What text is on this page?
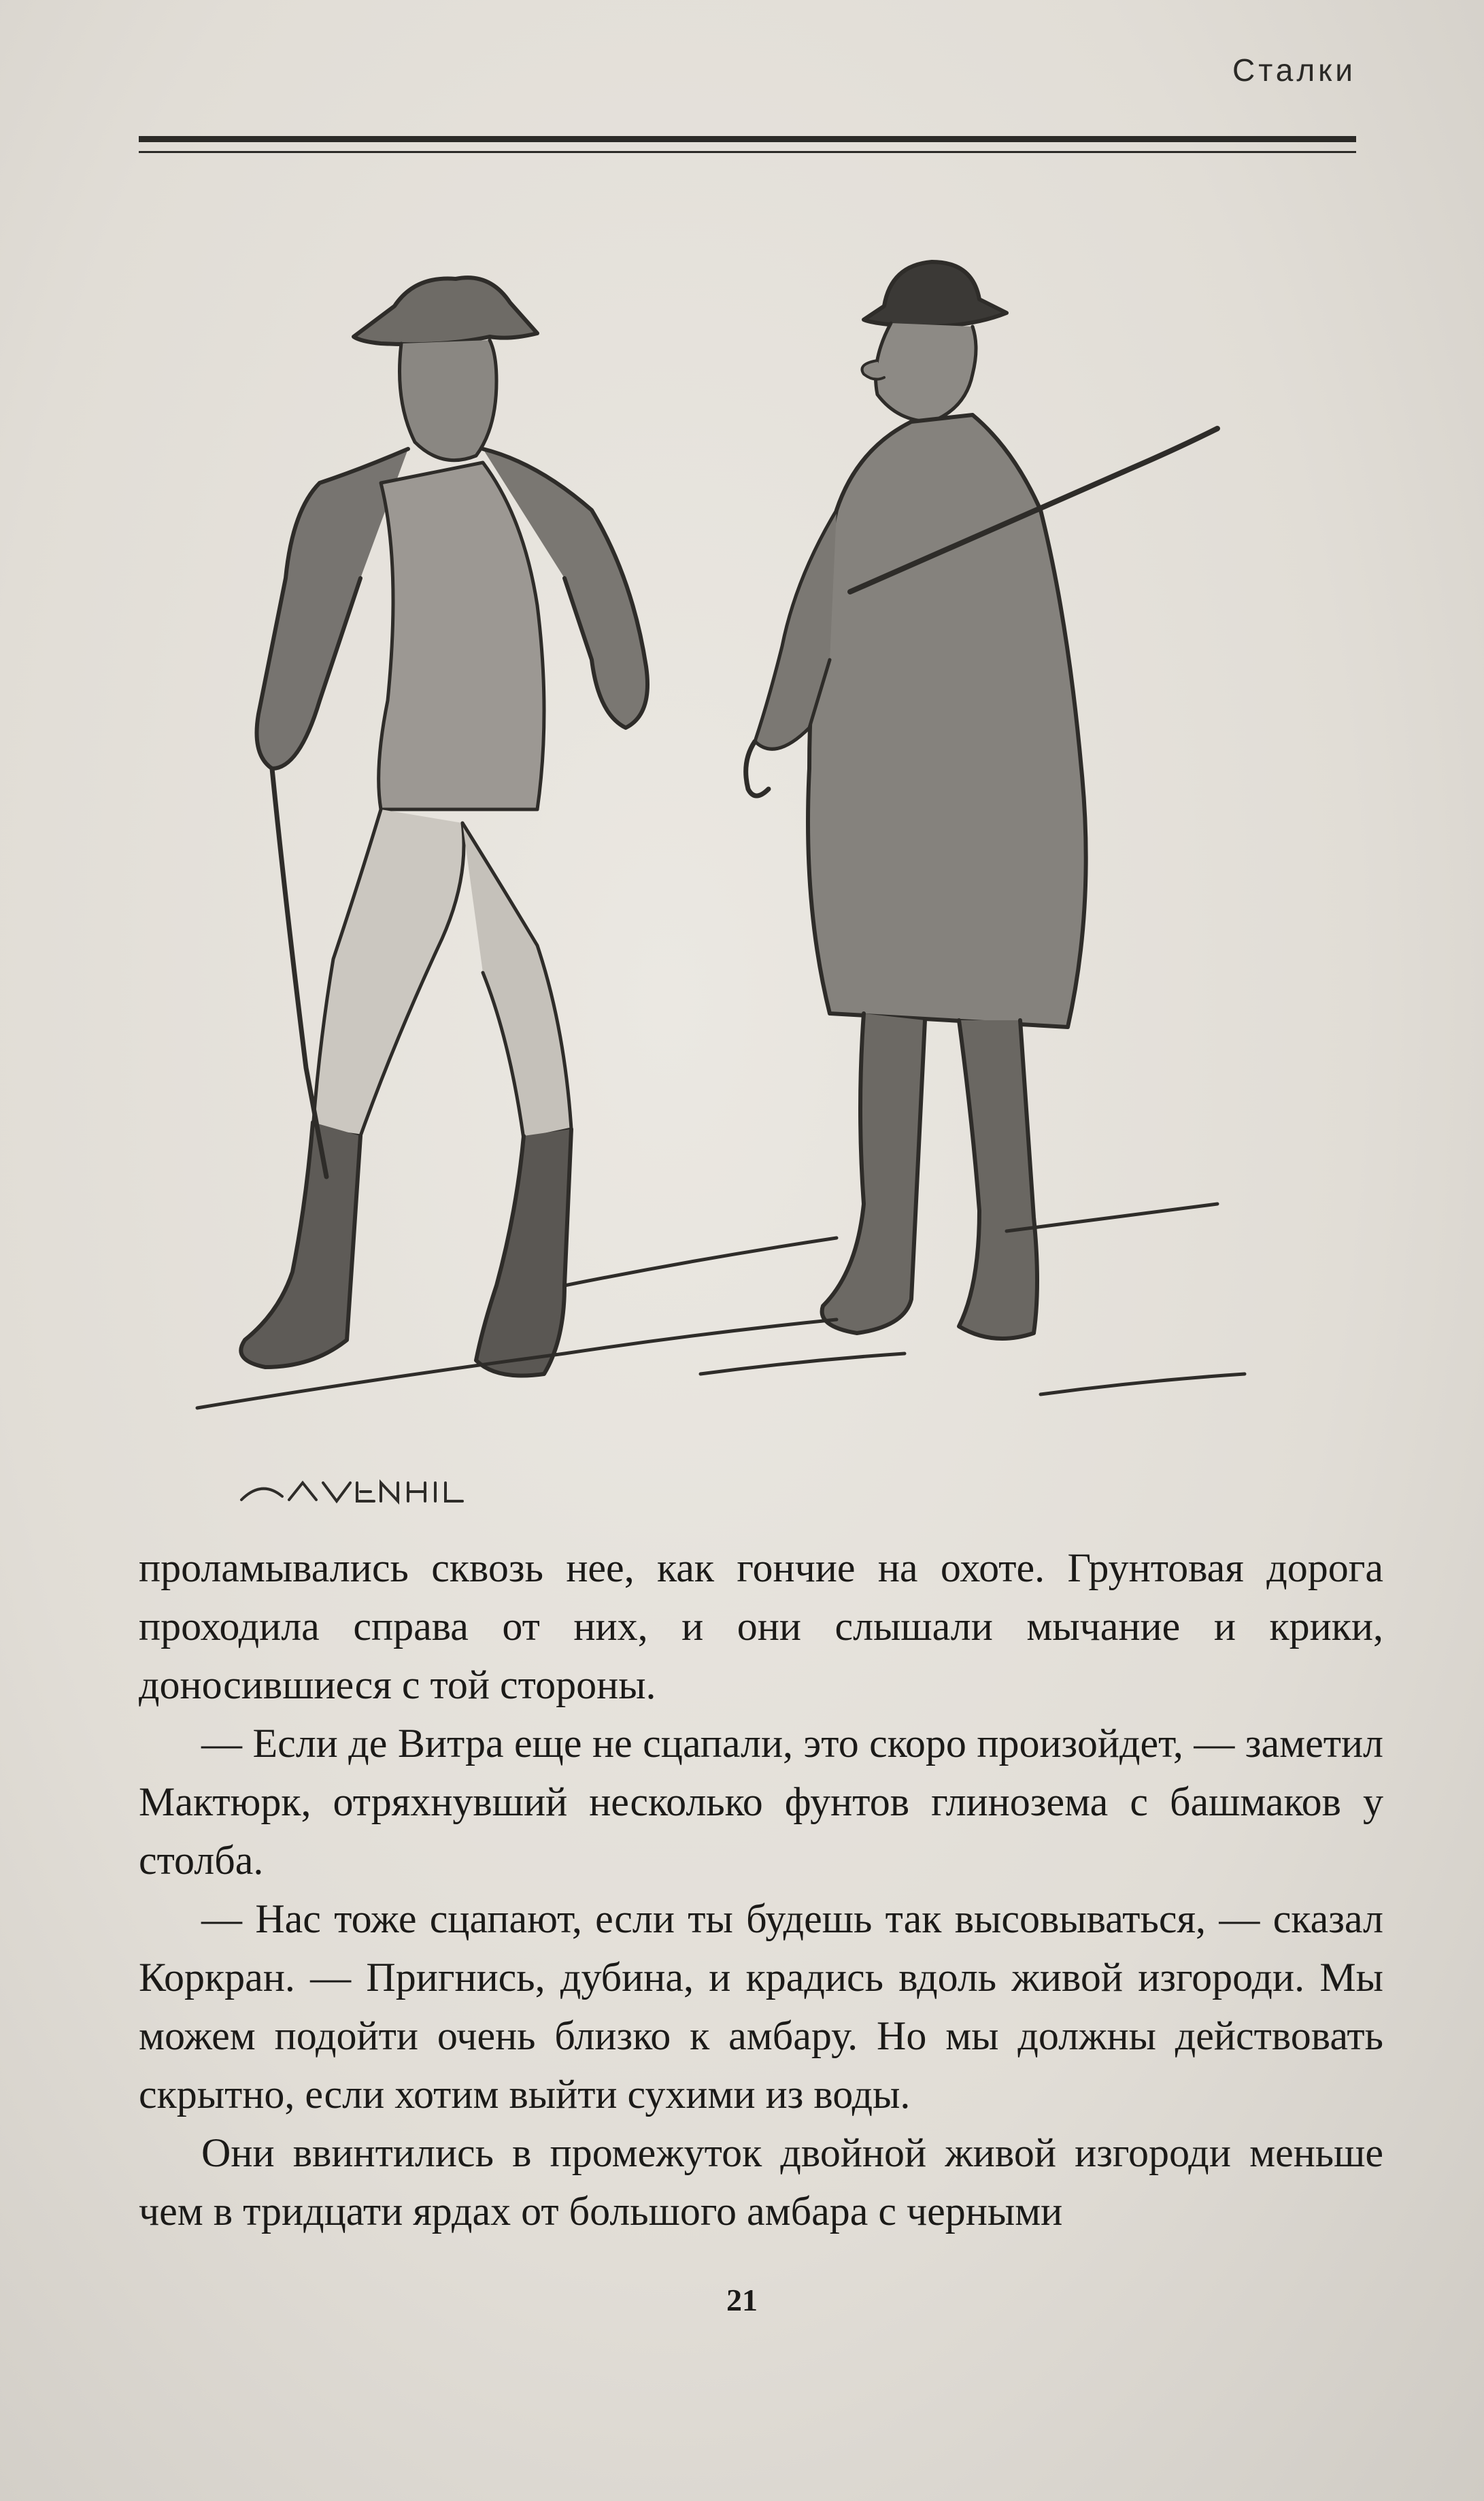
Сталки

проламывались сквозь нее, как гончие на охоте. Грунтовая дорога проходила справа от них, и они слышали мычание и крики, доносившиеся с той стороны.

— Если де Витра еще не сцапали, это скоро произойдет, — заметил Мактюрк, отряхнувший несколько фунтов глинозема с башмаков у столба.

— Нас тоже сцапают, если ты будешь так высовываться, — сказал Коркран. — Пригнись, дубина, и крадись вдоль живой изгороди. Мы можем подойти очень близко к амбару. Но мы должны действовать скрытно, если хотим выйти сухими из воды.

Они ввинтились в промежуток двойной живой изгороди меньше чем в тридцати ярдах от большого амбара с черными

21
